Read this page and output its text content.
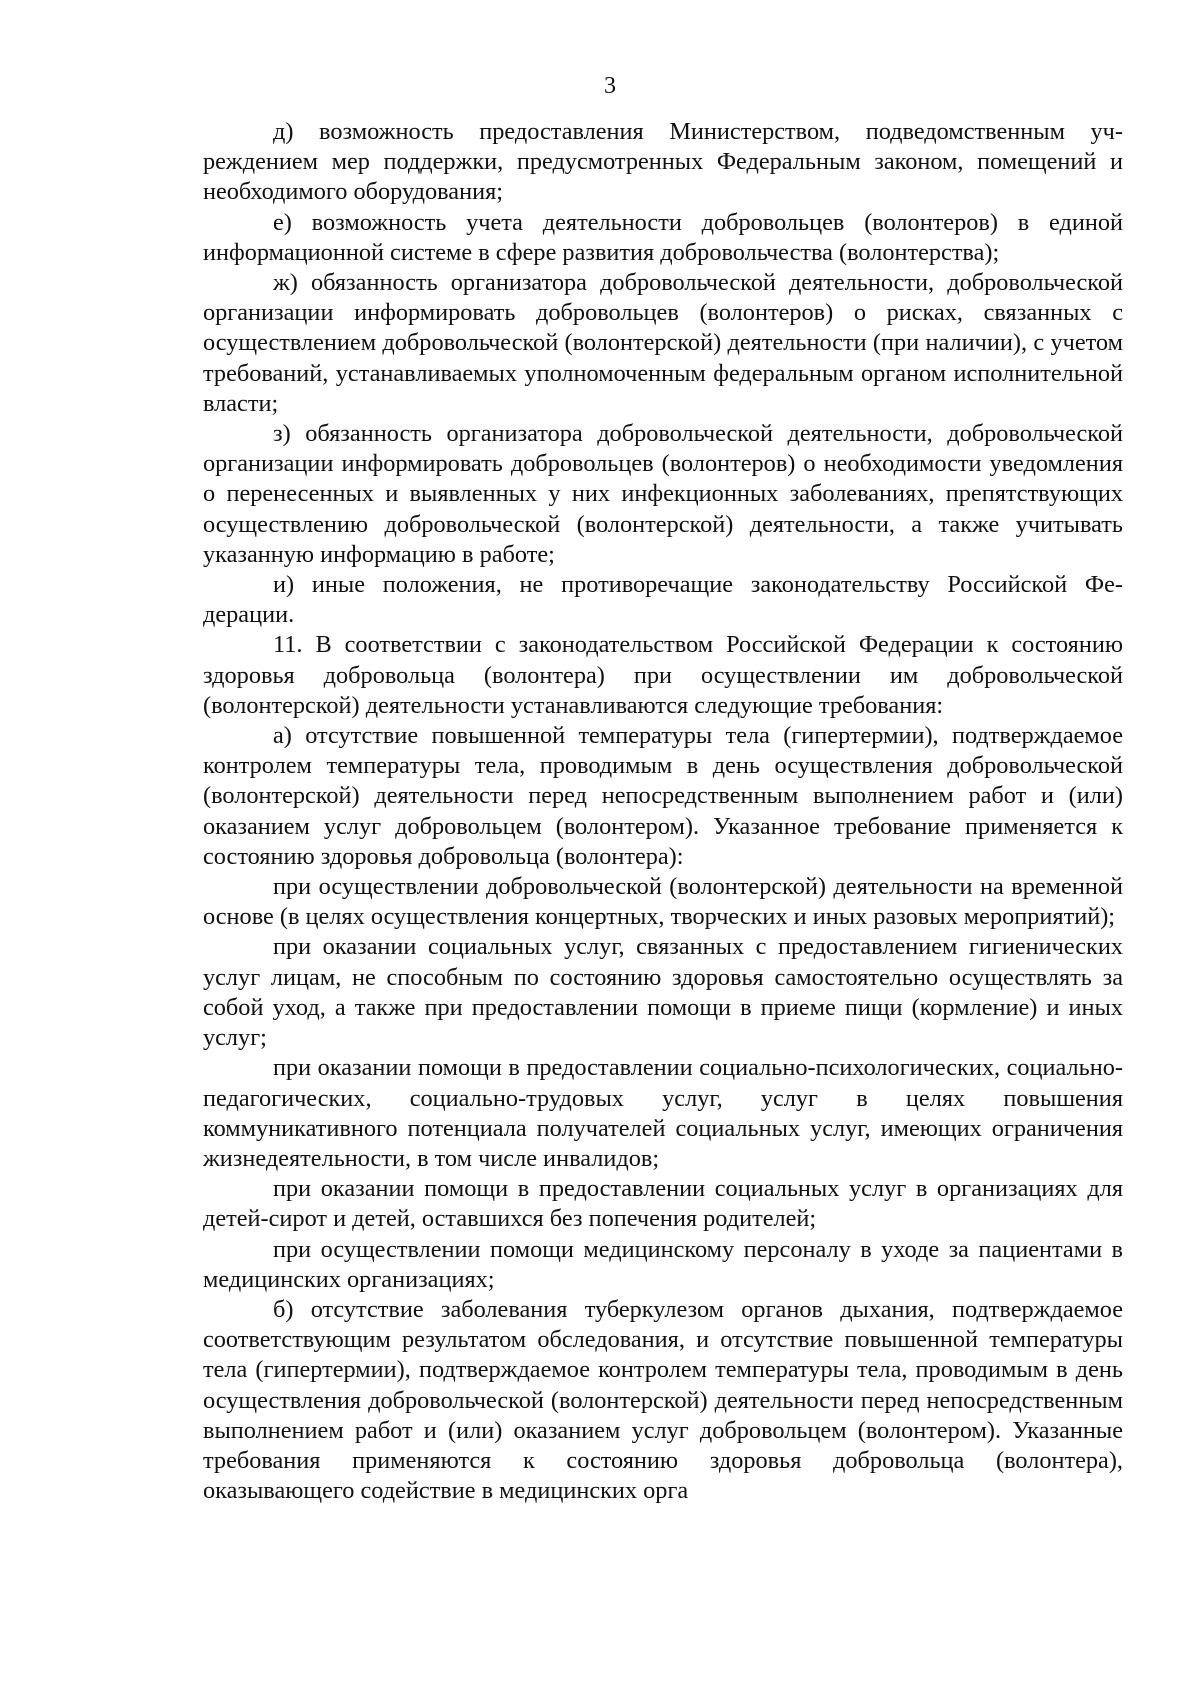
3

д) возможность предоставления Министерством, подведомственным учреждением мер поддержки, предусмотренных Федеральным законом, помещений и необходимого оборудования;

е) возможность учета деятельности добровольцев (волонтеров) в единой информационной системе в сфере развития добровольчества (волонтерства);

ж) обязанность организатора добровольческой деятельности, добровольческой организации информировать добровольцев (волонтеров) о рисках, связанных с осуществлением добровольческой (волонтерской) деятельности (при наличии), с учетом требований, устанавливаемых уполномоченным федеральным органом исполнительной власти;

з) обязанность организатора добровольческой деятельности, добровольческой организации информировать добровольцев (волонтеров) о необходимости уведомления о перенесенных и выявленных у них инфекционных заболеваниях, препятствующих осуществлению добровольческой (волонтерской) деятельности, а также учитывать указанную информацию в работе;

и) иные положения, не противоречащие законодательству Российской Федерации.

11. В соответствии с законодательством Российской Федерации к состоянию здоровья добровольца (волонтера) при осуществлении им добровольческой (волонтерской) деятельности устанавливаются следующие требования:

а) отсутствие повышенной температуры тела (гипертермии), подтверждаемое контролем температуры тела, проводимым в день осуществления добровольческой (волонтерской) деятельности перед непосредственным выполнением работ и (или) оказанием услуг добровольцем (волонтером). Указанное требование применяется к состоянию здоровья добровольца (волонтера):

при осуществлении добровольческой (волонтерской) деятельности на временной основе (в целях осуществления концертных, творческих и иных разовых мероприятий);

при оказании социальных услуг, связанных с предоставлением гигиенических услуг лицам, не способным по состоянию здоровья самостоятельно осуществлять за собой уход, а также при предоставлении помощи в приеме пищи (кормление) и иных услуг;

при оказании помощи в предоставлении социально-психологических, социально-педагогических, социально-трудовых услуг, услуг в целях повышения коммуникативного потенциала получателей социальных услуг, имеющих ограничения жизнедеятельности, в том числе инвалидов;

при оказании помощи в предоставлении социальных услуг в организациях для детей-сирот и детей, оставшихся без попечения родителей;

при осуществлении помощи медицинскому персоналу в уходе за пациентами в медицинских организациях;

б) отсутствие заболевания туберкулезом органов дыхания, подтверждаемое соответствующим результатом обследования, и отсутствие повышенной температуры тела (гипертермии), подтверждаемое контролем температуры тела, проводимым в день осуществления добровольческой (волонтерской) деятельности перед непосредственным выполнением работ и (или) оказанием услуг добровольцем (волонтером). Указанные требования применяются к состоянию здоровья добровольца (волонтера), оказывающего содействие в медицинских орга
